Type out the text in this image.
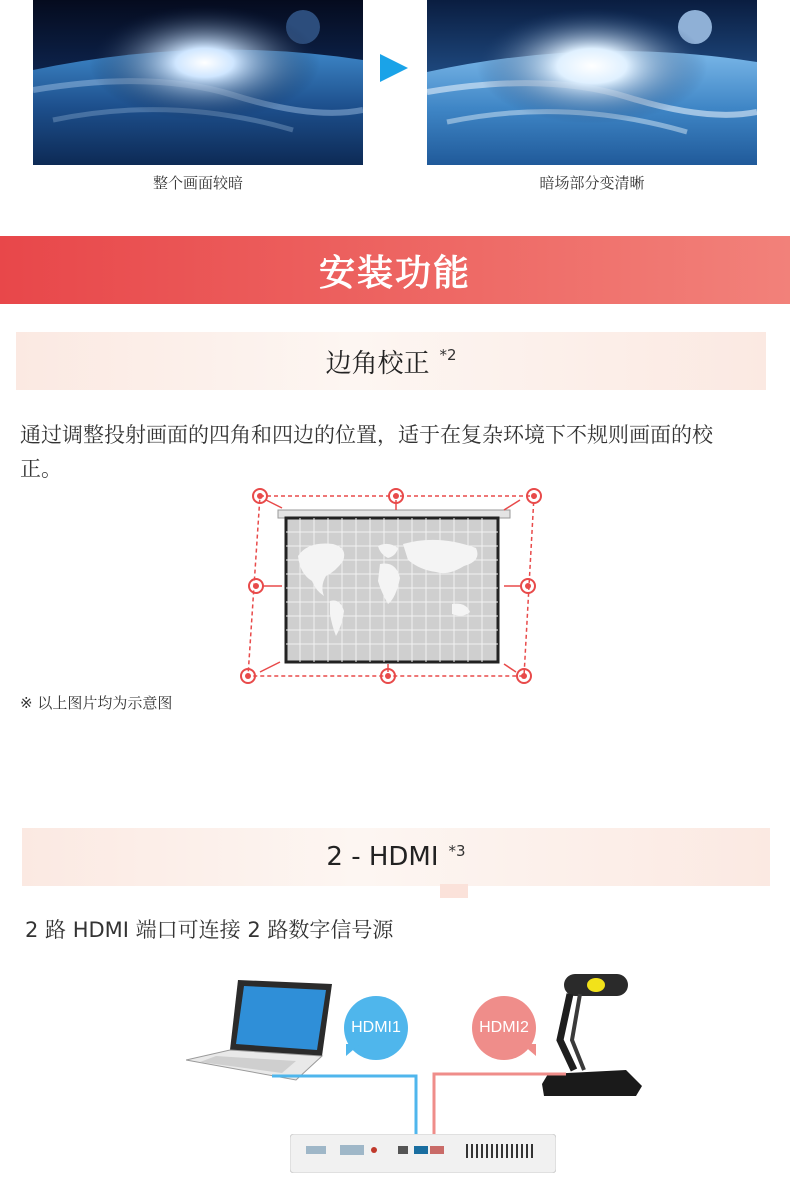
整个画面较暗	暗场部分变清晰
安装功能
边角校正 $^{*2}$
通过调整投射画面的四角和四边的位置，适于在复杂环境下不规则画面的校正。
※ 以上图片均为示意图
2 - HDMI $^{*3}$
2 路 HDMI 端口可连接 2 路数字信号源
HDMI1	HDMI2
